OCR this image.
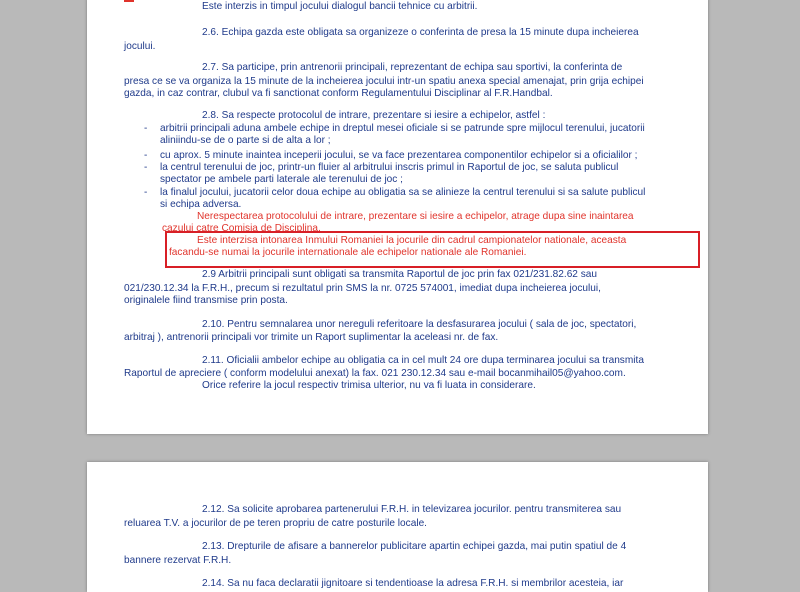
Este interzis in timpul jocului dialogul bancii tehnice cu arbitrii.
2.6. Echipa gazda este obligata sa organizeze o conferinta de presa la 15 minute dupa incheierea
jocului.
2.7. Sa participe, prin antrenorii principali, reprezentant de echipa sau sportivi, la conferinta de
presa ce se va organiza la 15 minute de la incheierea jocului intr-un spatiu anexa special amenajat, prin grija echipei
gazda, in caz contrar, clubul va fi sanctionat conform Regulamentului Disciplinar al F.R.Handbal.
2.8. Sa respecte protocolul de intrare, prezentare si iesire a echipelor, astfel :
- arbitrii principali aduna ambele echipe in dreptul mesei oficiale si se patrunde spre mijlocul terenului, jucatorii
aliniindu-se de o parte si de alta a lor ;
- cu aprox. 5 minute inaintea inceperii jocului, se va face prezentarea componentilor echipelor si a oficialilor ;
- la centrul terenului de joc, printr-un fluier al arbitrului inscris primul in Raportul de joc, se saluta publicul
spectator pe ambele parti laterale ale terenului de joc ;
- la finalul jocului, jucatorii celor doua echipe au obligatia sa se alinieze la centrul terenului si sa salute publicul
si echipa adversa.
Nerespectarea protocolului de intrare, prezentare si iesire a echipelor, atrage dupa sine inaintarea
cazului catre Comisia de Disciplina.
Este interzisa intonarea Inmului Romaniei la jocurile din cadrul campionatelor nationale, aceasta
facandu-se numai la jocurile internationale ale echipelor nationale ale Romaniei.
2.9 Arbitrii principali sunt obligati sa transmita Raportul de joc prin fax 021/231.82.62 sau
021/230.12.34 la F.R.H., precum si rezultatul prin SMS la nr. 0725 574001, imediat dupa incheierea jocului,
originalele fiind transmise prin posta.
2.10. Pentru semnalarea unor nereguli referitoare la desfasurarea jocului ( sala de joc, spectatori,
arbitraj ), antrenorii principali vor trimite un Raport suplimentar la aceleasi nr. de fax.
2.11. Oficialii ambelor echipe au obligatia ca in cel mult 24 ore dupa terminarea jocului sa transmita
Raportul de apreciere ( conform modelului anexat) la fax. 021 230.12.34 sau e-mail bocanmihail05@yahoo.com.
Orice referire la jocul respectiv trimisa ulterior, nu va fi luata in considerare.
2.12. Sa solicite aprobarea partenerului F.R.H. in televizarea jocurilor. pentru transmiterea sau
reluarea T.V. a jocurilor de pe teren propriu de catre posturile locale.
2.13. Drepturile de afisare a bannerelor publicitare apartin echipei gazda, mai putin spatiul de 4
bannere rezervat F.R.H.
2.14. Sa nu faca declaratii jignitoare si tendentioase la adresa F.R.H. si membrilor acesteia, iar
